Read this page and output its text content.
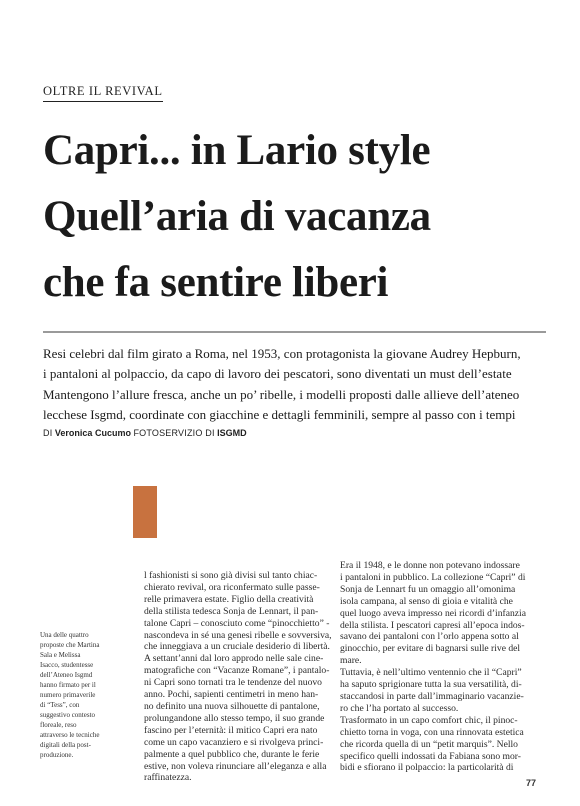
OLTRE IL REVIVAL
Capri... in Lario style
Quell’aria di vacanza
che fa sentire liberi

Resi celebri dal film girato a Roma, nel 1953, con protagonista la giovane Audrey Hepburn,
i pantaloni al polpaccio, da capo di lavoro dei pescatori, sono diventati un must dell’estate
Mantengono l’allure fresca, anche un po’ ribelle, i modelli proposti dalle allieve dell’ateneo
lecchese Isgmd, coordinate con giacchine e dettagli femminili, sempre al passo con i tempi

DI Veronica Cucumo FOTOSERVIZIO DI ISGMD

Una delle quattro
proposte che Martina
Sala e Melissa
Isacco, studentesse
dell’Ateneo Isgmd
hanno firmato per il
numero primaverile
di “Tess”, con
suggestivo contesto
floreale, reso
attraverso le tecniche
digitali della post-
produzione.

l fashionisti si sono già divisi sul tanto chiac-
chierato revival, ora riconfermato sulle passe-
relle primavera estate. Figlio della creatività
della stilista tedesca Sonja de Lennart, il pan-
talone Capri – conosciuto come “pinocchietto” -
nascondeva in sé una genesi ribelle e sovversiva,
che inneggiava a un cruciale desiderio di libertà.
A settant’anni dal loro approdo nelle sale cine-
matografiche con “Vacanze Romane”, i pantalo-
ni Capri sono tornati tra le tendenze del nuovo
anno. Pochi, sapienti centimetri in meno han-
no definito una nuova silhouette di pantalone,
prolungandone allo stesso tempo, il suo grande
fascino per l’eternità: il mitico Capri era nato
come un capo vacanziero e si rivolgeva princi-
palmente a quel pubblico che, durante le ferie
estive, non voleva rinunciare all’eleganza e alla
raffinatezza.

Era il 1948, e le donne non potevano indossare
i pantaloni in pubblico. La collezione “Capri” di
Sonja de Lennart fu un omaggio all’omonima
isola campana, al senso di gioia e vitalità che
quel luogo aveva impresso nei ricordi d’infanzia
della stilista. I pescatori capresi all’epoca indos-
savano dei pantaloni con l’orlo appena sotto al
ginocchio, per evitare di bagnarsi sulle rive del
mare.
Tuttavia, è nell’ultimo ventennio che il “Capri”
ha saputo sprigionare tutta la sua versatilità, di-
staccandosi in parte dall’immaginario vacanzie-
ro che l’ha portato al successo.
Trasformato in un capo comfort chic, il pinoc-
chietto torna in voga, con una rinnovata estetica
che ricorda quella di un “petit marquis”. Nello
specifico quelli indossati da Fabiana sono mor-
bidi e sfiorano il polpaccio: la particolarità di

77
